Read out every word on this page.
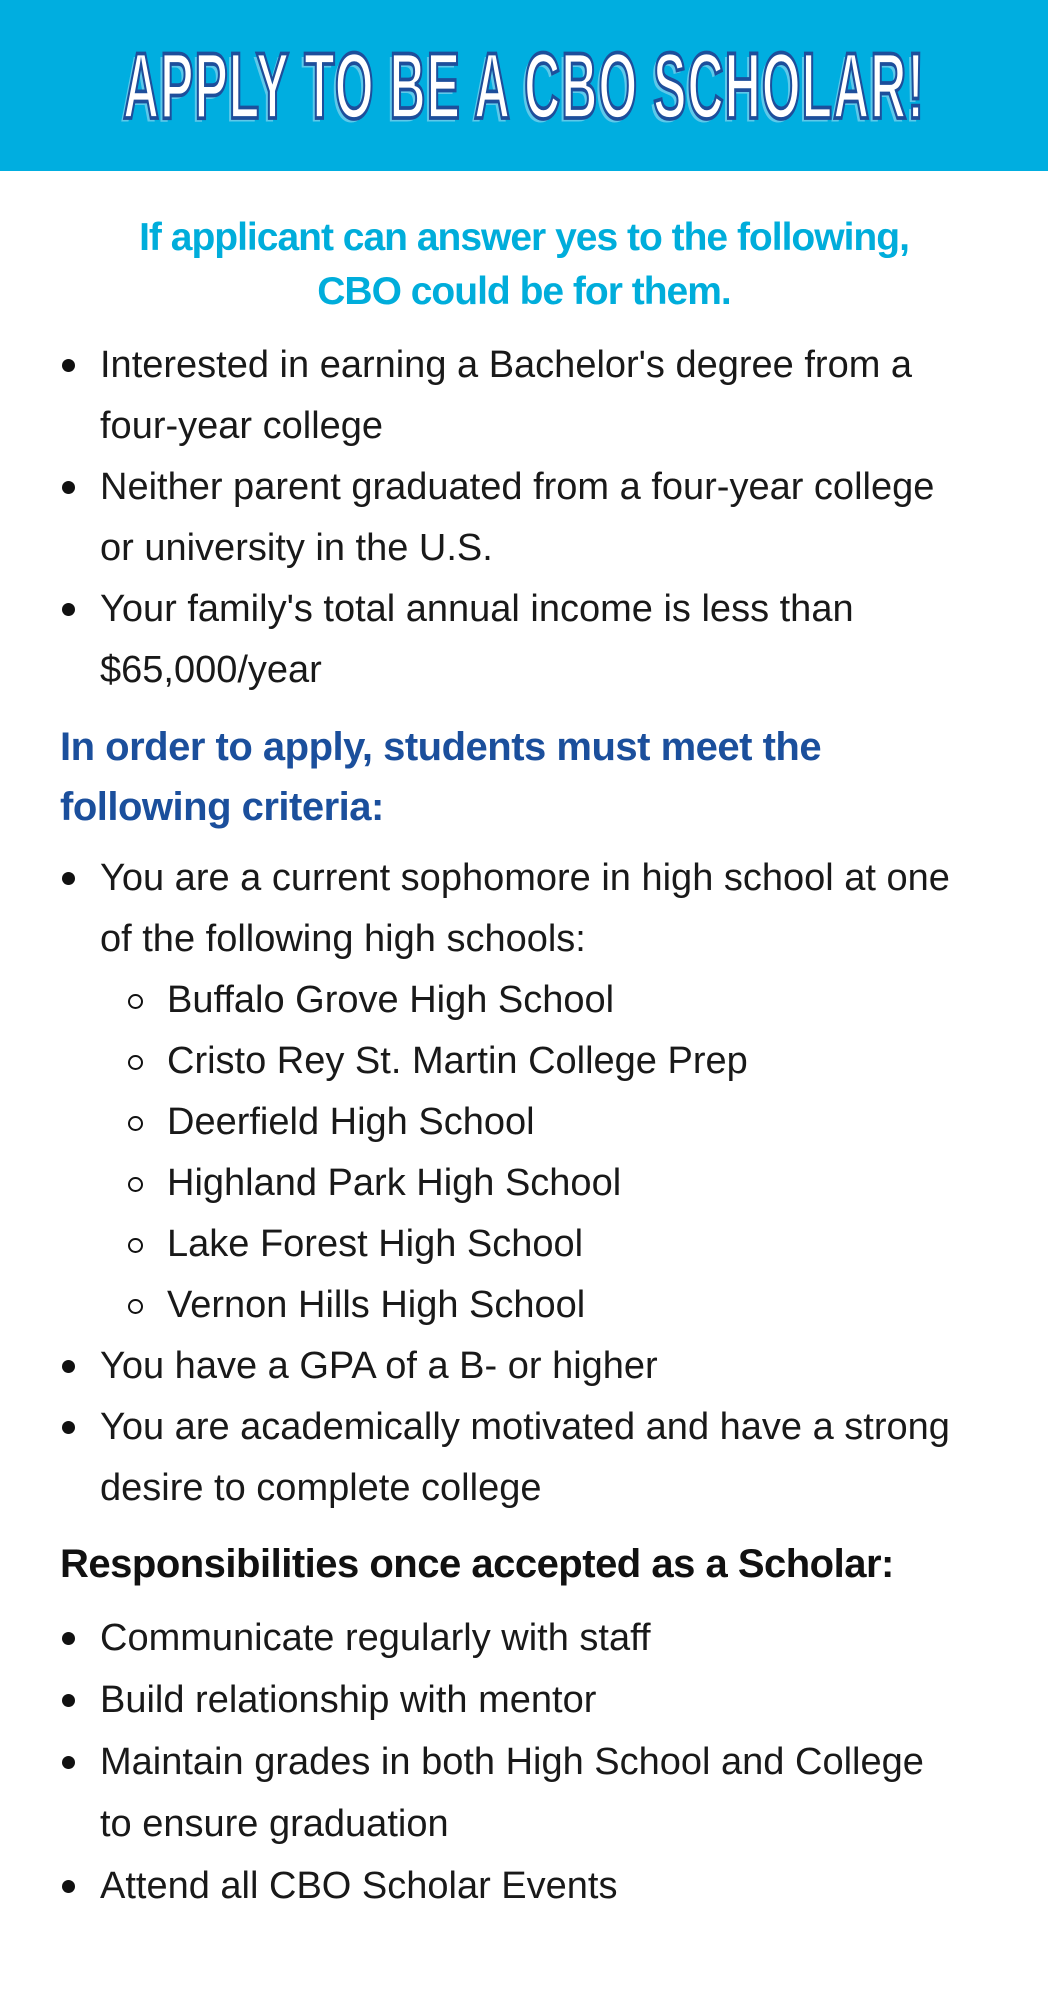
APPLY TO BE A CBO SCHOLAR!
If applicant can answer yes to the following,
CBO could be for them.
Interested in earning a Bachelor's degree from a
four-year college
Neither parent graduated from a four-year college
or university in the U.S.
Your family's total annual income is less than
$65,000/year
In order to apply, students must meet the
following criteria:
You are a current sophomore in high school at one
of the following high schools:
Buffalo Grove High School
Cristo Rey St. Martin College Prep
Deerfield High School
Highland Park High School
Lake Forest High School
Vernon Hills High School
You have a GPA of a B- or higher
You are academically motivated and have a strong
desire to complete college
Responsibilities once accepted as a Scholar:
Communicate regularly with staff
Build relationship with mentor
Maintain grades in both High School and College
to ensure graduation
Attend all CBO Scholar Events
